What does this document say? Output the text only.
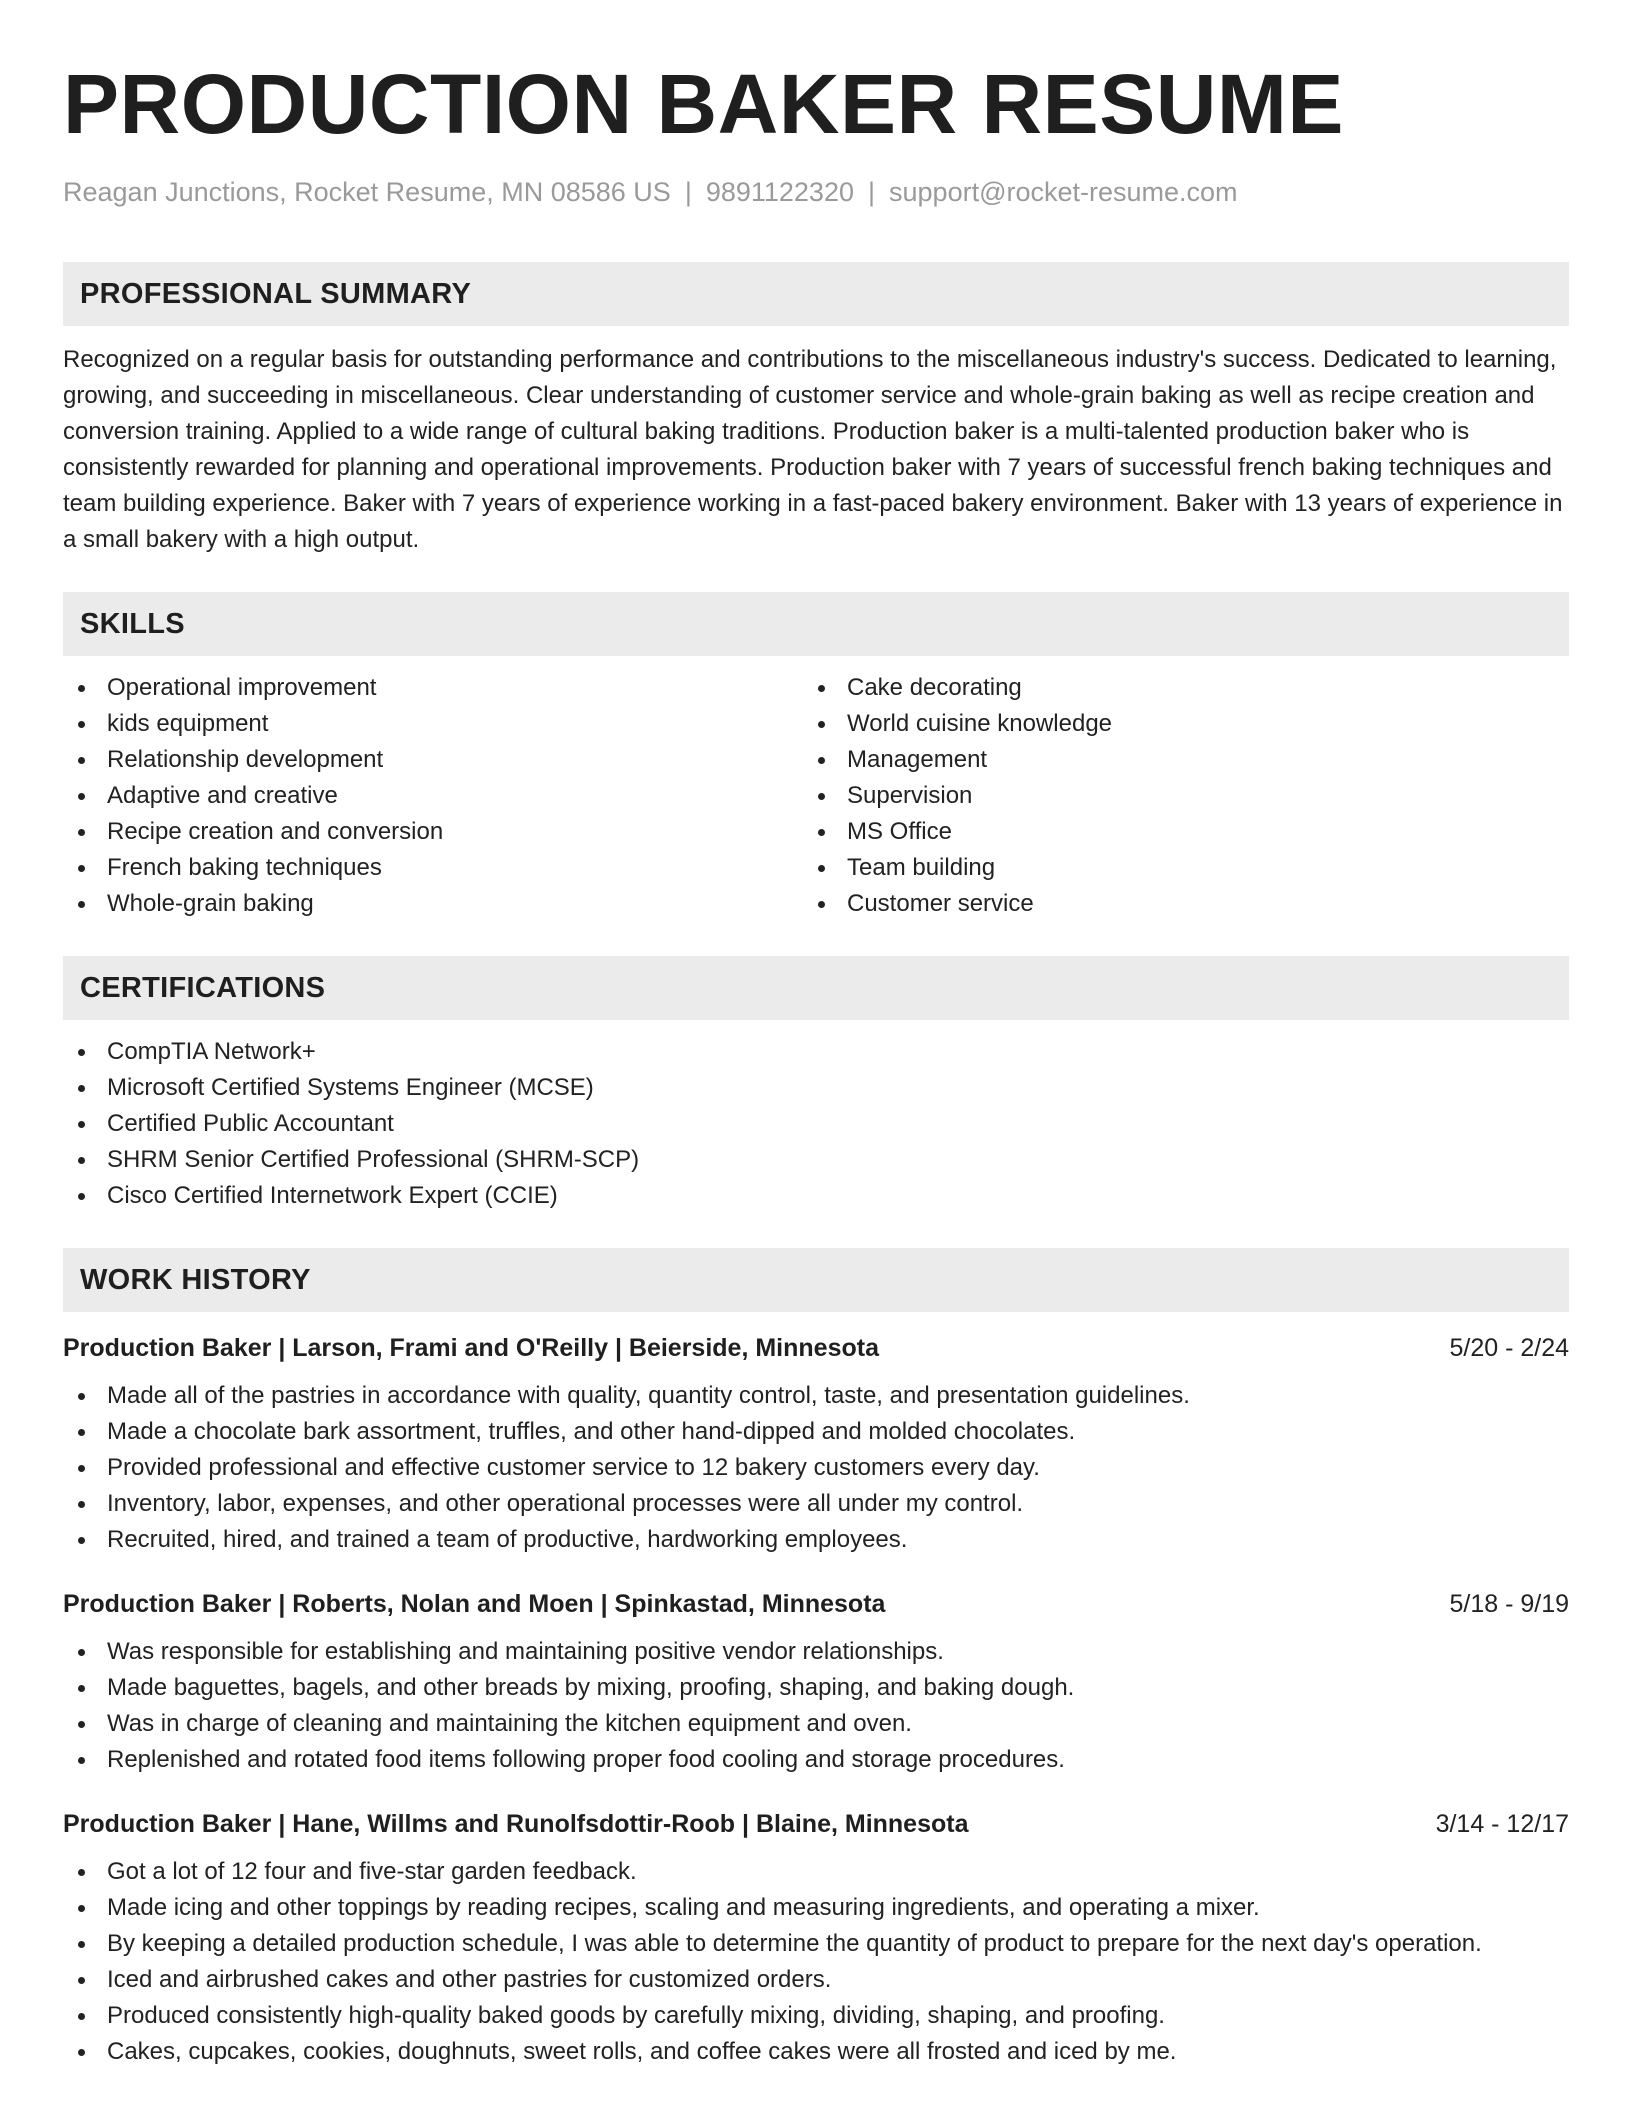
PRODUCTION BAKER RESUME
Reagan Junctions, Rocket Resume, MN 08586 US | 9891122320 | support@rocket-resume.com
PROFESSIONAL SUMMARY

Recognized on a regular basis for outstanding performance and contributions to the miscellaneous industry's success. Dedicated to learning, growing, and succeeding in miscellaneous. Clear understanding of customer service and whole-grain baking as well as recipe creation and conversion training. Applied to a wide range of cultural baking traditions. Production baker is a multi-talented production baker who is consistently rewarded for planning and operational improvements. Production baker with 7 years of successful french baking techniques and team building experience. Baker with 7 years of experience working in a fast-paced bakery environment. Baker with 13 years of experience in a small bakery with a high output.

SKILLS
Operational improvement
kids equipment
Relationship development
Adaptive and creative
Recipe creation and conversion
French baking techniques
Whole-grain baking
Cake decorating
World cuisine knowledge
Management
Supervision
MS Office
Team building
Customer service
CERTIFICATIONS
CompTIA Network+
Microsoft Certified Systems Engineer (MCSE)
Certified Public Accountant
SHRM Senior Certified Professional (SHRM-SCP)
Cisco Certified Internetwork Expert (CCIE)
WORK HISTORY
Production Baker | Larson, Frami and O'Reilly | Beierside, Minnesota	5/20 - 2/24
Made all of the pastries in accordance with quality, quantity control, taste, and presentation guidelines.
Made a chocolate bark assortment, truffles, and other hand-dipped and molded chocolates.
Provided professional and effective customer service to 12 bakery customers every day.
Inventory, labor, expenses, and other operational processes were all under my control.
Recruited, hired, and trained a team of productive, hardworking employees.
Production Baker | Roberts, Nolan and Moen | Spinkastad, Minnesota	5/18 - 9/19
Was responsible for establishing and maintaining positive vendor relationships.
Made baguettes, bagels, and other breads by mixing, proofing, shaping, and baking dough.
Was in charge of cleaning and maintaining the kitchen equipment and oven.
Replenished and rotated food items following proper food cooling and storage procedures.
Production Baker | Hane, Willms and Runolfsdottir-Roob | Blaine, Minnesota	3/14 - 12/17
Got a lot of 12 four and five-star garden feedback.
Made icing and other toppings by reading recipes, scaling and measuring ingredients, and operating a mixer.
By keeping a detailed production schedule, I was able to determine the quantity of product to prepare for the next day's operation.
Iced and airbrushed cakes and other pastries for customized orders.
Produced consistently high-quality baked goods by carefully mixing, dividing, shaping, and proofing.
Cakes, cupcakes, cookies, doughnuts, sweet rolls, and coffee cakes were all frosted and iced by me.
